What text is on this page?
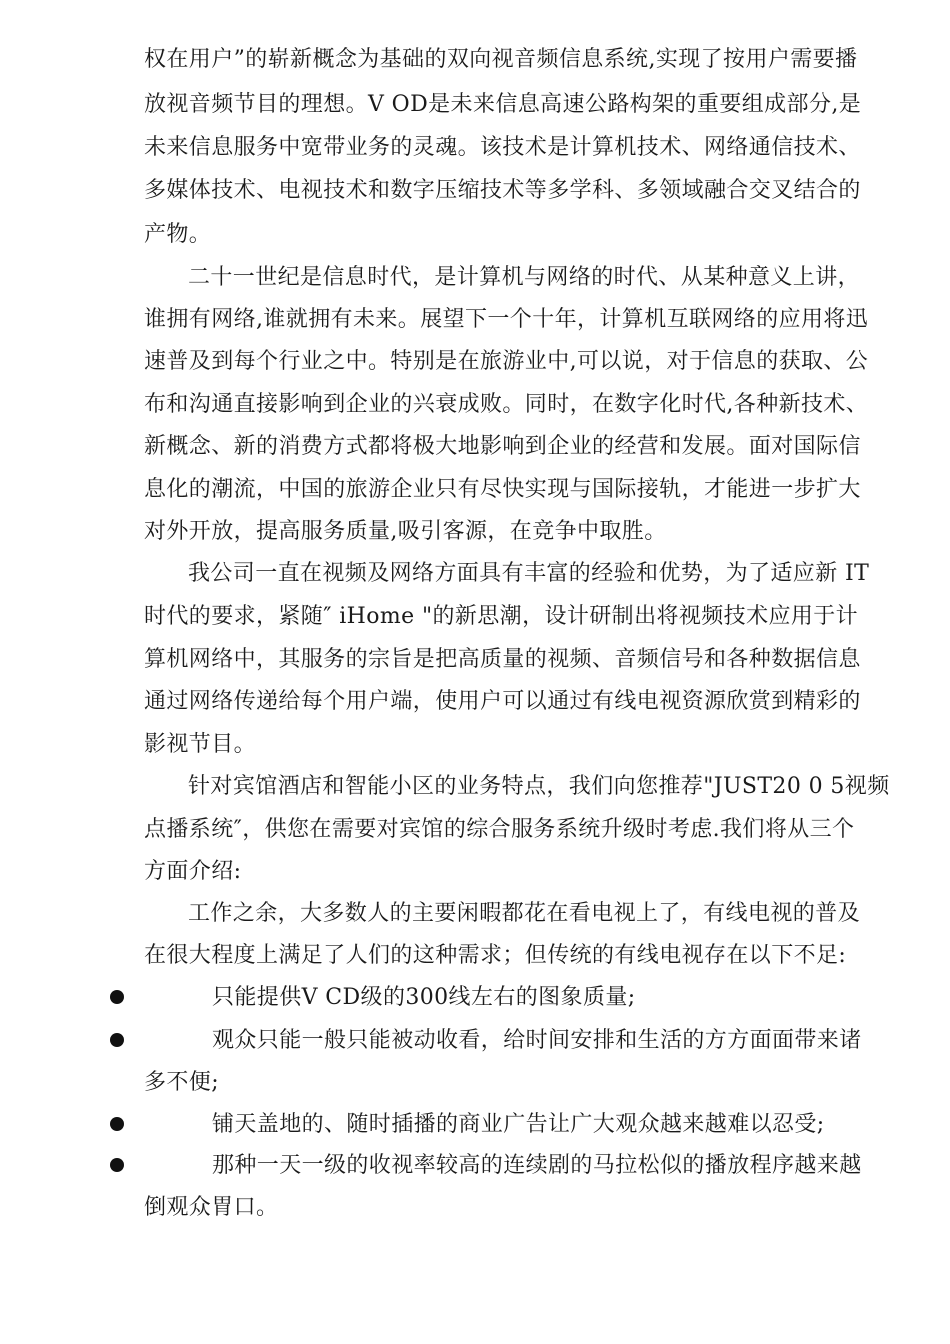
权在用户”的崭新概念为基础的双向视音频信息系统,实现了按用户需要播
放视音频节目的理想。V OD是未来信息高速公路构架的重要组成部分,是
未来信息服务中宽带业务的灵魂。该技术是计算机技术、网络通信技术、
多媒体技术、电视技术和数字压缩技术等多学科、多领域融合交叉结合的
产物。
二十一世纪是信息时代，是计算机与网络的时代、从某种意义上讲，
谁拥有网络,谁就拥有未来。展望下一个十年，计算机互联网络的应用将迅
速普及到每个行业之中。特别是在旅游业中,可以说，对于信息的获取、公
布和沟通直接影响到企业的兴衰成败。同时，在数字化时代,各种新技术、
新概念、新的消费方式都将极大地影响到企业的经营和发展。面对国际信
息化的潮流，中国的旅游企业只有尽快实现与国际接轨，才能进一步扩大
对外开放，提高服务质量,吸引客源，在竞争中取胜。
我公司一直在视频及网络方面具有丰富的经验和优势，为了适应新 IT
时代的要求，紧随″ iHome "的新思潮，设计研制出将视频技术应用于计
算机网络中，其服务的宗旨是把高质量的视频、音频信号和各种数据信息
通过网络传递给每个用户端，使用户可以通过有线电视资源欣赏到精彩的
影视节目。
针对宾馆酒店和智能小区的业务特点，我们向您推荐"JUST20 0 5视频
点播系统″，供您在需要对宾馆的综合服务系统升级时考虑.我们将从三个
方面介绍:
工作之余，大多数人的主要闲暇都花在看电视上了，有线电视的普及
在很大程度上满足了人们的这种需求；但传统的有线电视存在以下不足:
只能提供V CD级的300线左右的图象质量;
观众只能一般只能被动收看，给时间安排和生活的方方面面带来诸
多不便;
铺天盖地的、随时插播的商业广告让广大观众越来越难以忍受;
那种一天一级的收视率较高的连续剧的马拉松似的播放程序越来越
倒观众胃口。
